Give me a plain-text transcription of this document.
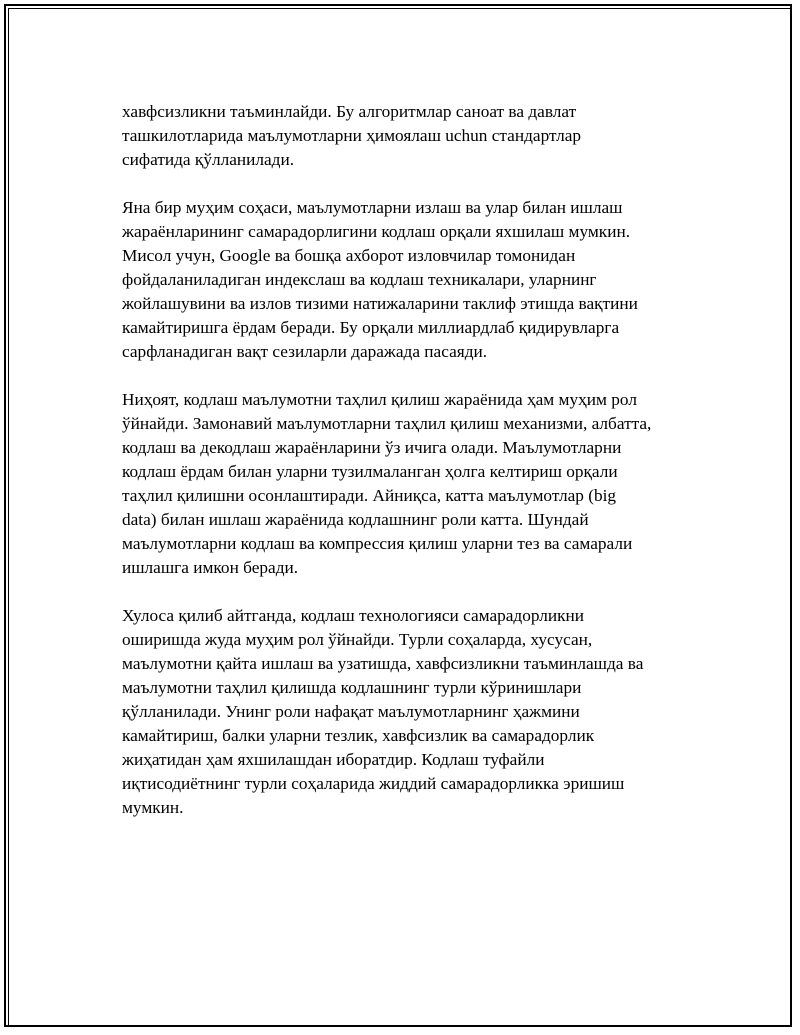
хавфсизликни таъминлайди. Бу алгоритмлар саноат ва давлат
ташкилотларида маълумотларни ҳимоялаш uchun стандартлар
сифатида қўлланилади.

Яна бир муҳим соҳаси, маълумотларни излаш ва улар билан ишлаш
жараёнларининг самарадорлигини кодлаш орқали яхшилаш мумкин.
Мисол учун, Google ва бошқа ахборот изловчилар томонидан
фойдаланиладиган индекслаш ва кодлаш техникалари, уларнинг
жойлашувини ва излов тизими натижаларини таклиф этишда вақтини
камайтиришга ёрдам беради. Бу орқали миллиардлаб қидирувларга
сарфланадиган вақт сезиларли даражада пасаяди.

Ниҳоят, кодлаш маълумотни таҳлил қилиш жараёнида ҳам муҳим рол
ўйнайди. Замонавий маълумотларни таҳлил қилиш механизми, албатта,
кодлаш ва декодлаш жараёнларини ўз ичига олади. Маълумотларни
кодлаш ёрдам билан уларни тузилмаланган ҳолга келтириш орқали
таҳлил қилишни осонлаштиради. Айниқса, катта маълумотлар (big
data) билан ишлаш жараёнида кодлашнинг роли катта. Шундай
маълумотларни кодлаш ва компрессия қилиш уларни тез ва самарали
ишлашга имкон беради.

Хулоса қилиб айтганда, кодлаш технологияси самарадорликни
оширишда жуда муҳим рол ўйнайди. Турли соҳаларда, хусусан,
маълумотни қайта ишлаш ва узатишда, хавфсизликни таъминлашда ва
маълумотни таҳлил қилишда кодлашнинг турли кўринишлари
қўлланилади. Унинг роли нафақат маълумотларнинг ҳажмини
камайтириш, балки уларни тезлик, хавфсизлик ва самарадорлик
жиҳатидан ҳам яхшилашдан иборатдир. Кодлаш туфайли
иқтисодиётнинг турли соҳаларида жиддий самарадорликка эришиш
мумкин.
